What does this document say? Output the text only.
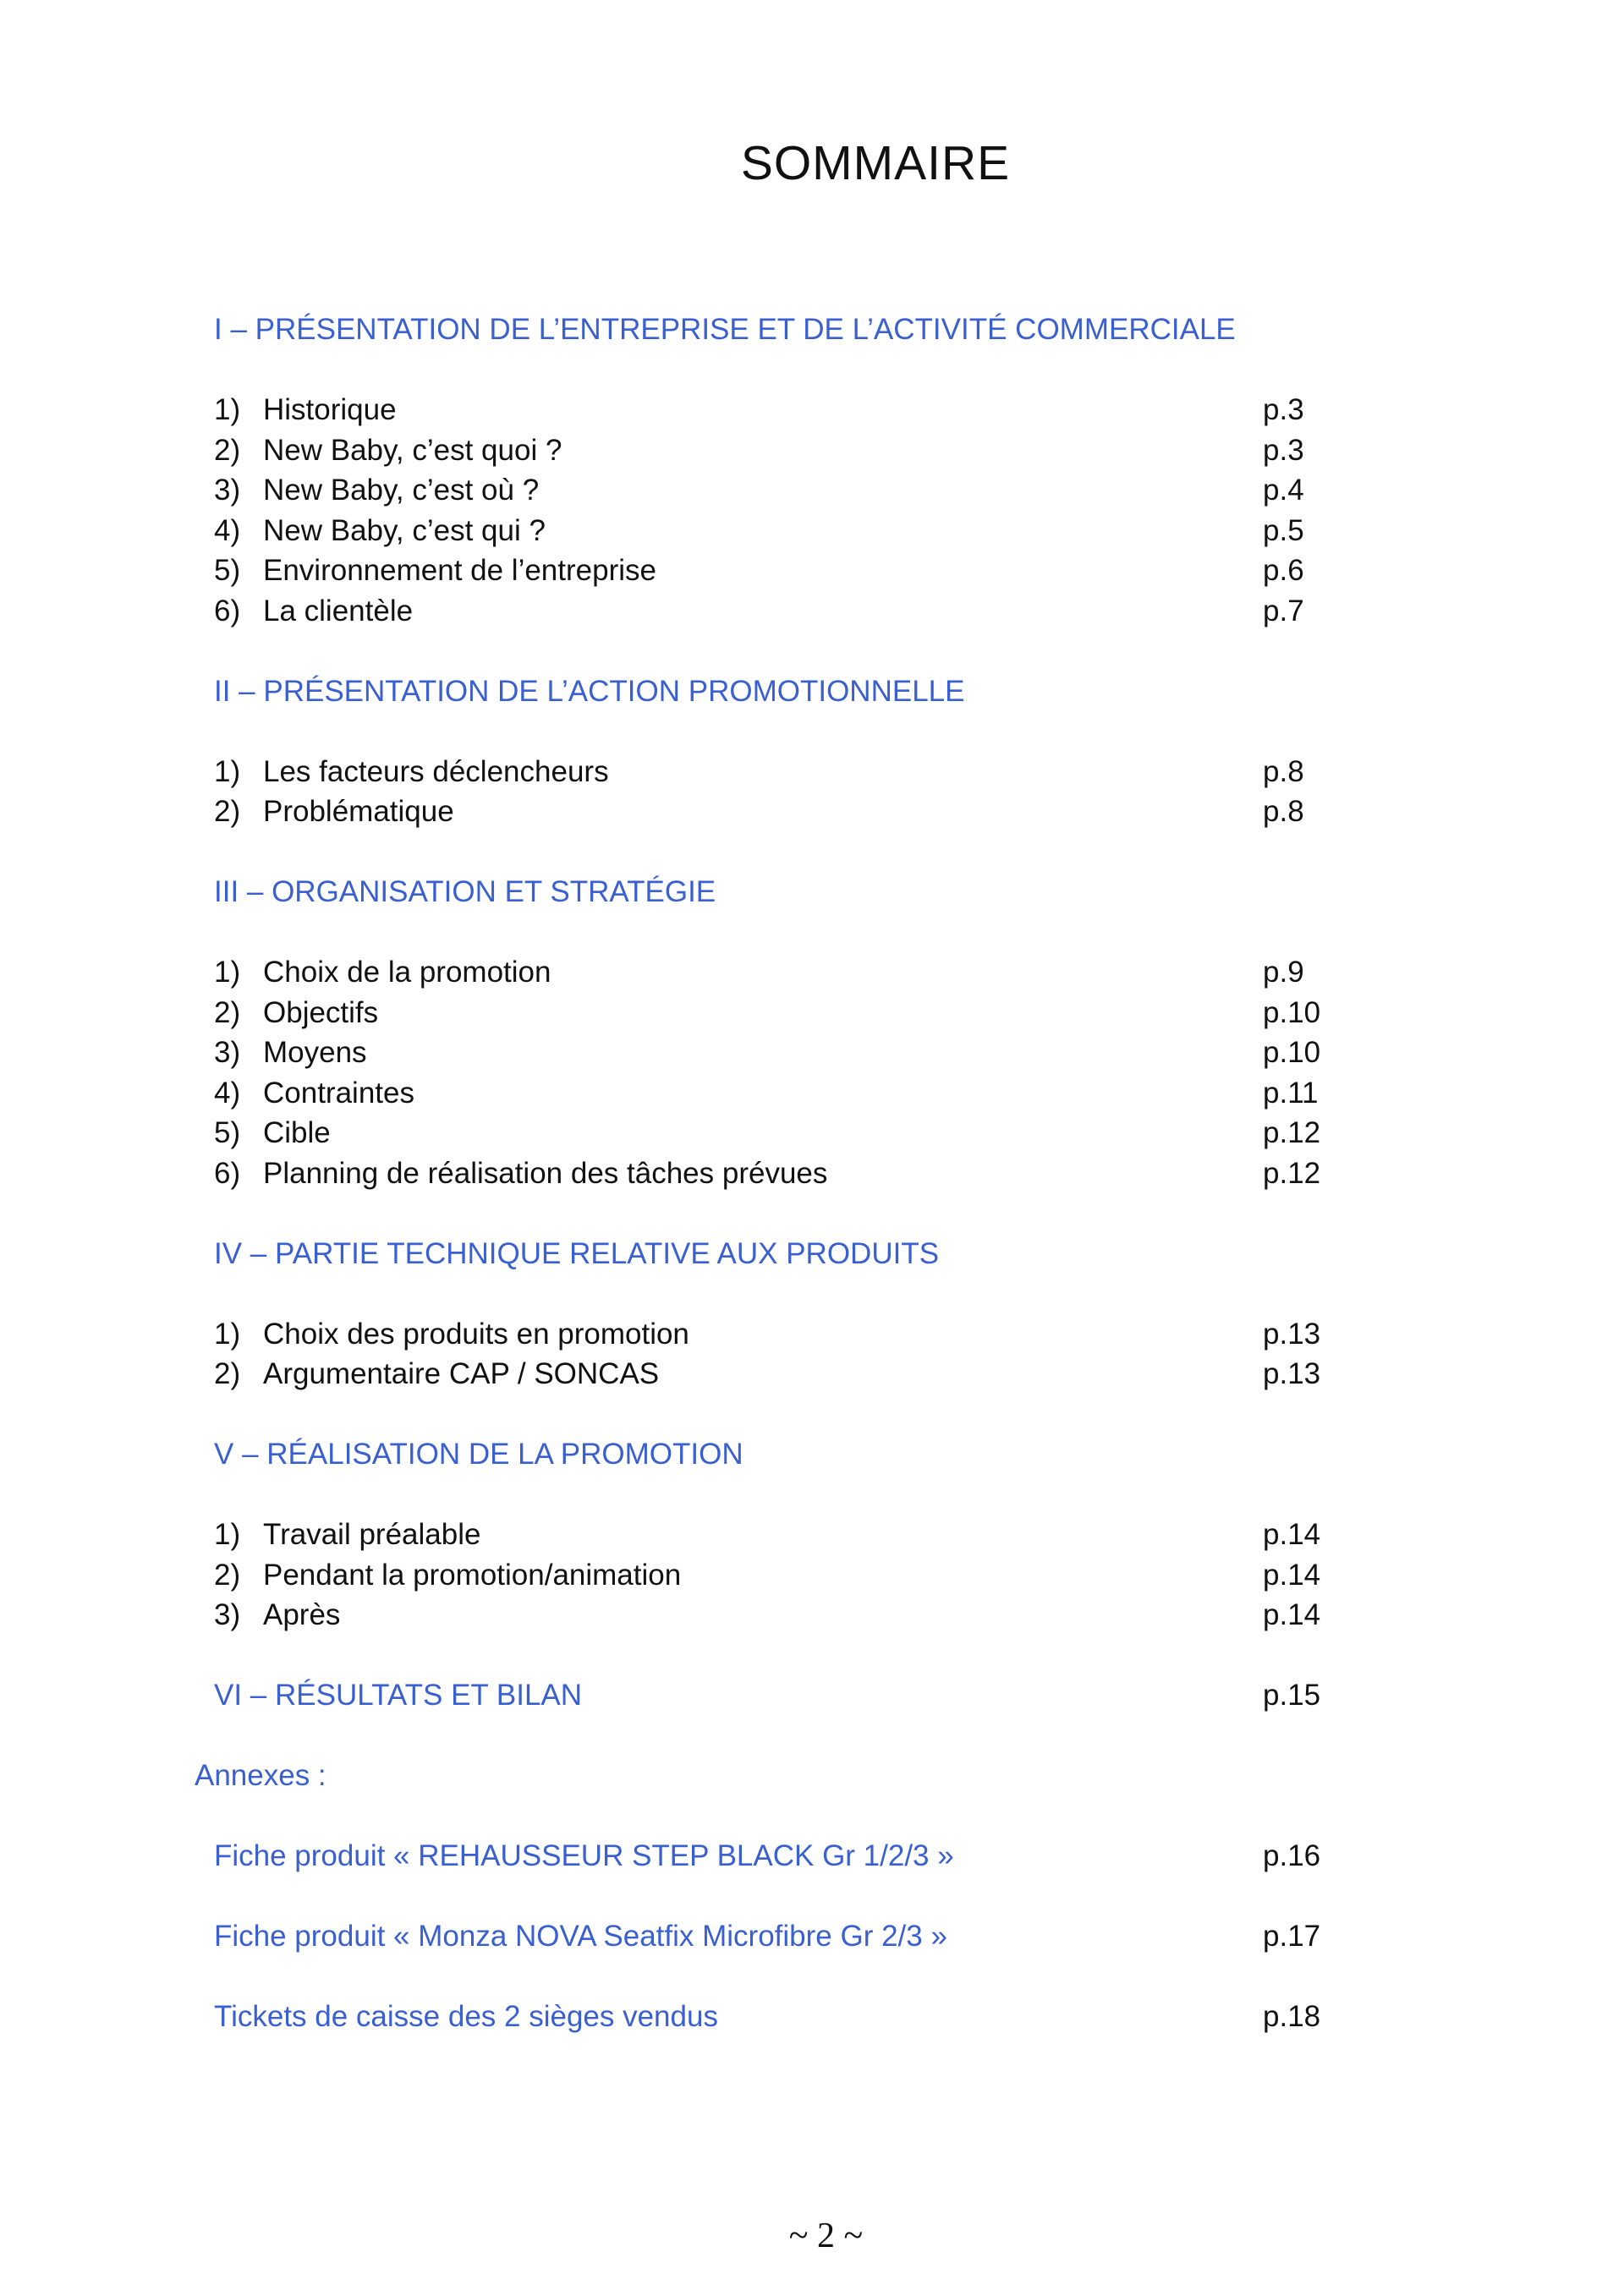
SOMMAIRE
I – PRÉSENTATION DE L’ENTREPRISE ET DE L’ACTIVITÉ COMMERCIALE
1) Historique	p.3
2) New Baby, c’est quoi ?	p.3
3) New Baby, c’est où ?	p.4
4) New Baby, c’est qui ?	p.5
5) Environnement de l’entreprise	p.6
6) La clientèle	p.7
II – PRÉSENTATION DE L’ACTION PROMOTIONNELLE
1) Les facteurs déclencheurs	p.8
2) Problématique	p.8
III – ORGANISATION ET STRATÉGIE
1) Choix de la promotion	p.9
2) Objectifs	p.10
3) Moyens	p.10
4) Contraintes	p.11
5) Cible	p.12
6) Planning de réalisation des tâches prévues	p.12
IV – PARTIE TECHNIQUE RELATIVE AUX PRODUITS
1) Choix des produits en promotion	p.13
2) Argumentaire CAP / SONCAS	p.13
V – RÉALISATION DE LA PROMOTION
1) Travail préalable	p.14
2) Pendant la promotion/animation	p.14
3) Après	p.14
VI – RÉSULTATS ET BILAN	p.15
Annexes :
Fiche produit « REHAUSSEUR STEP BLACK Gr 1/2/3 »	p.16
Fiche produit « Monza NOVA Seatfix Microfibre Gr 2/3 »	p.17
Tickets de caisse des 2 sièges vendus	p.18
~ 2 ~
